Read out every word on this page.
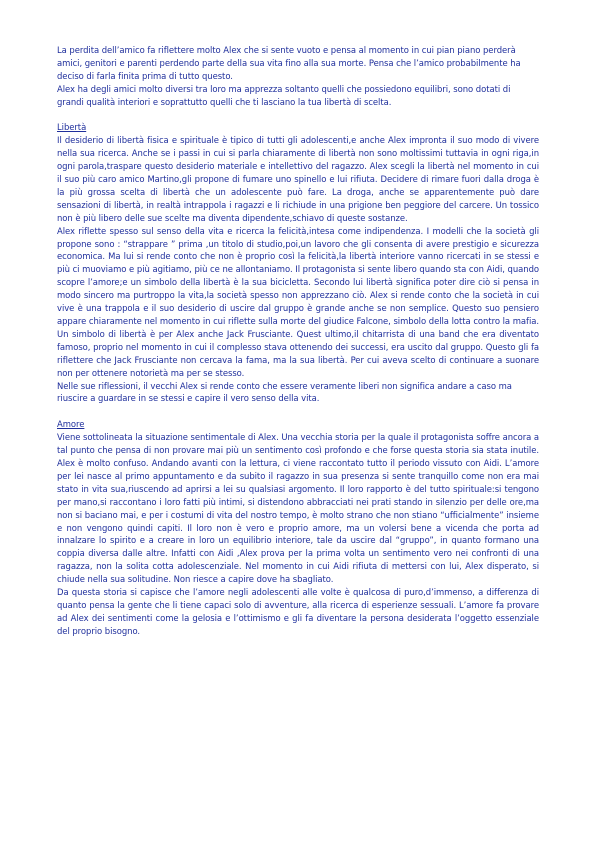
La perdita dell’amico fa riflettere molto Alex che si sente vuoto e pensa al momento in cui pian piano perderà amici, genitori e parenti perdendo parte della sua vita fino alla sua morte. Pensa che l’amico probabilmente ha deciso di farla finita prima di tutto questo.

Alex ha degli amici molto diversi tra loro ma apprezza soltanto quelli che possiedono equilibri, sono dotati di grandi qualità interiori e soprattutto quelli che ti lasciano la tua libertà di scelta.

Libertà

Il desiderio di libertà fisica e spirituale è tipico di tutti gli adolescenti,e anche Alex impronta il suo modo di vivere nella sua ricerca. Anche se i passi in cui si parla chiaramente di libertà non sono moltissimi tuttavia in ogni riga,in ogni parola,traspare questo desiderio materiale e intellettivo del ragazzo. Alex scegli la libertà nel momento in cui il suo più caro amico Martino,gli propone di fumare uno spinello e lui rifiuta. Decidere di rimare fuori dalla droga è la più grossa scelta di libertà che un adolescente può fare. La droga, anche se apparentemente può dare sensazioni di libertà, in realtà intrappola i ragazzi e li richiude in una prigione ben peggiore del carcere. Un tossico non è più libero delle sue scelte ma diventa dipendente,schiavo di queste sostanze.

Alex riflette spesso sul senso della vita e ricerca la felicità,intesa come indipendenza. I modelli che la società gli propone sono : “strappare ” prima ,un titolo di studio,poi,un lavoro che gli consenta di avere prestigio e sicurezza economica. Ma lui si rende conto che non è proprio così la felicità,la libertà interiore vanno ricercati in se stessi e più ci muoviamo e più agitiamo, più ce ne allontaniamo. Il protagonista si sente libero quando sta con Aidi, quando scopre l’amore;e un simbolo della libertà è la sua bicicletta. Secondo lui libertà significa poter dire ciò si pensa in modo sincero ma purtroppo la vita,la società spesso non apprezzano ciò. Alex si rende conto che la società in cui vive è una trappola e il suo desiderio di uscire dal gruppo è grande anche se non semplice. Questo suo pensiero appare chiaramente nel momento in cui riflette sulla morte del giudice Falcone, simbolo della lotta contro la mafia. Un simbolo di libertà è per Alex anche Jack Frusciante. Quest ultimo,il chitarrista di una band che era diventato famoso, proprio nel momento in cui il complesso stava ottenendo dei successi, era uscito dal gruppo. Questo gli fa riflettere che Jack Frusciante non cercava la fama, ma la sua libertà. Per cui aveva scelto di continuare a suonare non per ottenere notorietà ma per se stesso.

Nelle sue riflessioni, il vecchi Alex si rende conto che essere veramente liberi non significa andare a caso ma riuscire a guardare in se stessi e capire il vero senso della vita.

Amore

Viene sottolineata la situazione sentimentale di Alex. Una vecchia storia per la quale il protagonista soffre ancora a tal punto che pensa di non provare mai più un sentimento così profondo e che forse questa storia sia stata inutile. Alex è molto confuso. Andando avanti con la lettura, ci viene raccontato tutto il periodo vissuto con Aidi. L’amore per lei nasce al primo appuntamento e da subito il ragazzo in sua presenza si sente tranquillo come non era mai stato in vita sua,riuscendo ad aprirsi a lei su qualsiasi argomento. Il loro rapporto è del tutto spirituale:si tengono per mano,si raccontano i loro fatti più intimi, si distendono abbracciati nei prati stando in silenzio per delle ore,ma non si baciano mai, e per i costumi di vita del nostro tempo, è molto strano che non stiano “ufficialmente” insieme e non vengono quindi capiti. Il loro non è vero e proprio amore, ma un volersi bene a vicenda che porta ad innalzare lo spirito e a creare in loro un equilibrio interiore, tale da uscire dal “gruppo”, in quanto formano una coppia diversa dalle altre. Infatti con Aidi ,Alex prova per la prima volta un sentimento vero nei confronti di una ragazza, non la solita cotta adolescenziale. Nel momento in cui Aidi rifiuta di mettersi con lui, Alex disperato, si chiude nella sua solitudine. Non riesce a capire dove ha sbagliato.

Da questa storia si capisce che l’amore negli adolescenti alle volte è qualcosa di puro,d’immenso, a differenza di quanto pensa la gente che li tiene capaci solo di avventure, alla ricerca di esperienze sessuali. L’amore fa provare ad Alex dei sentimenti come la gelosia e l’ottimismo e gli fa diventare la persona desiderata l’oggetto essenziale del proprio bisogno.
